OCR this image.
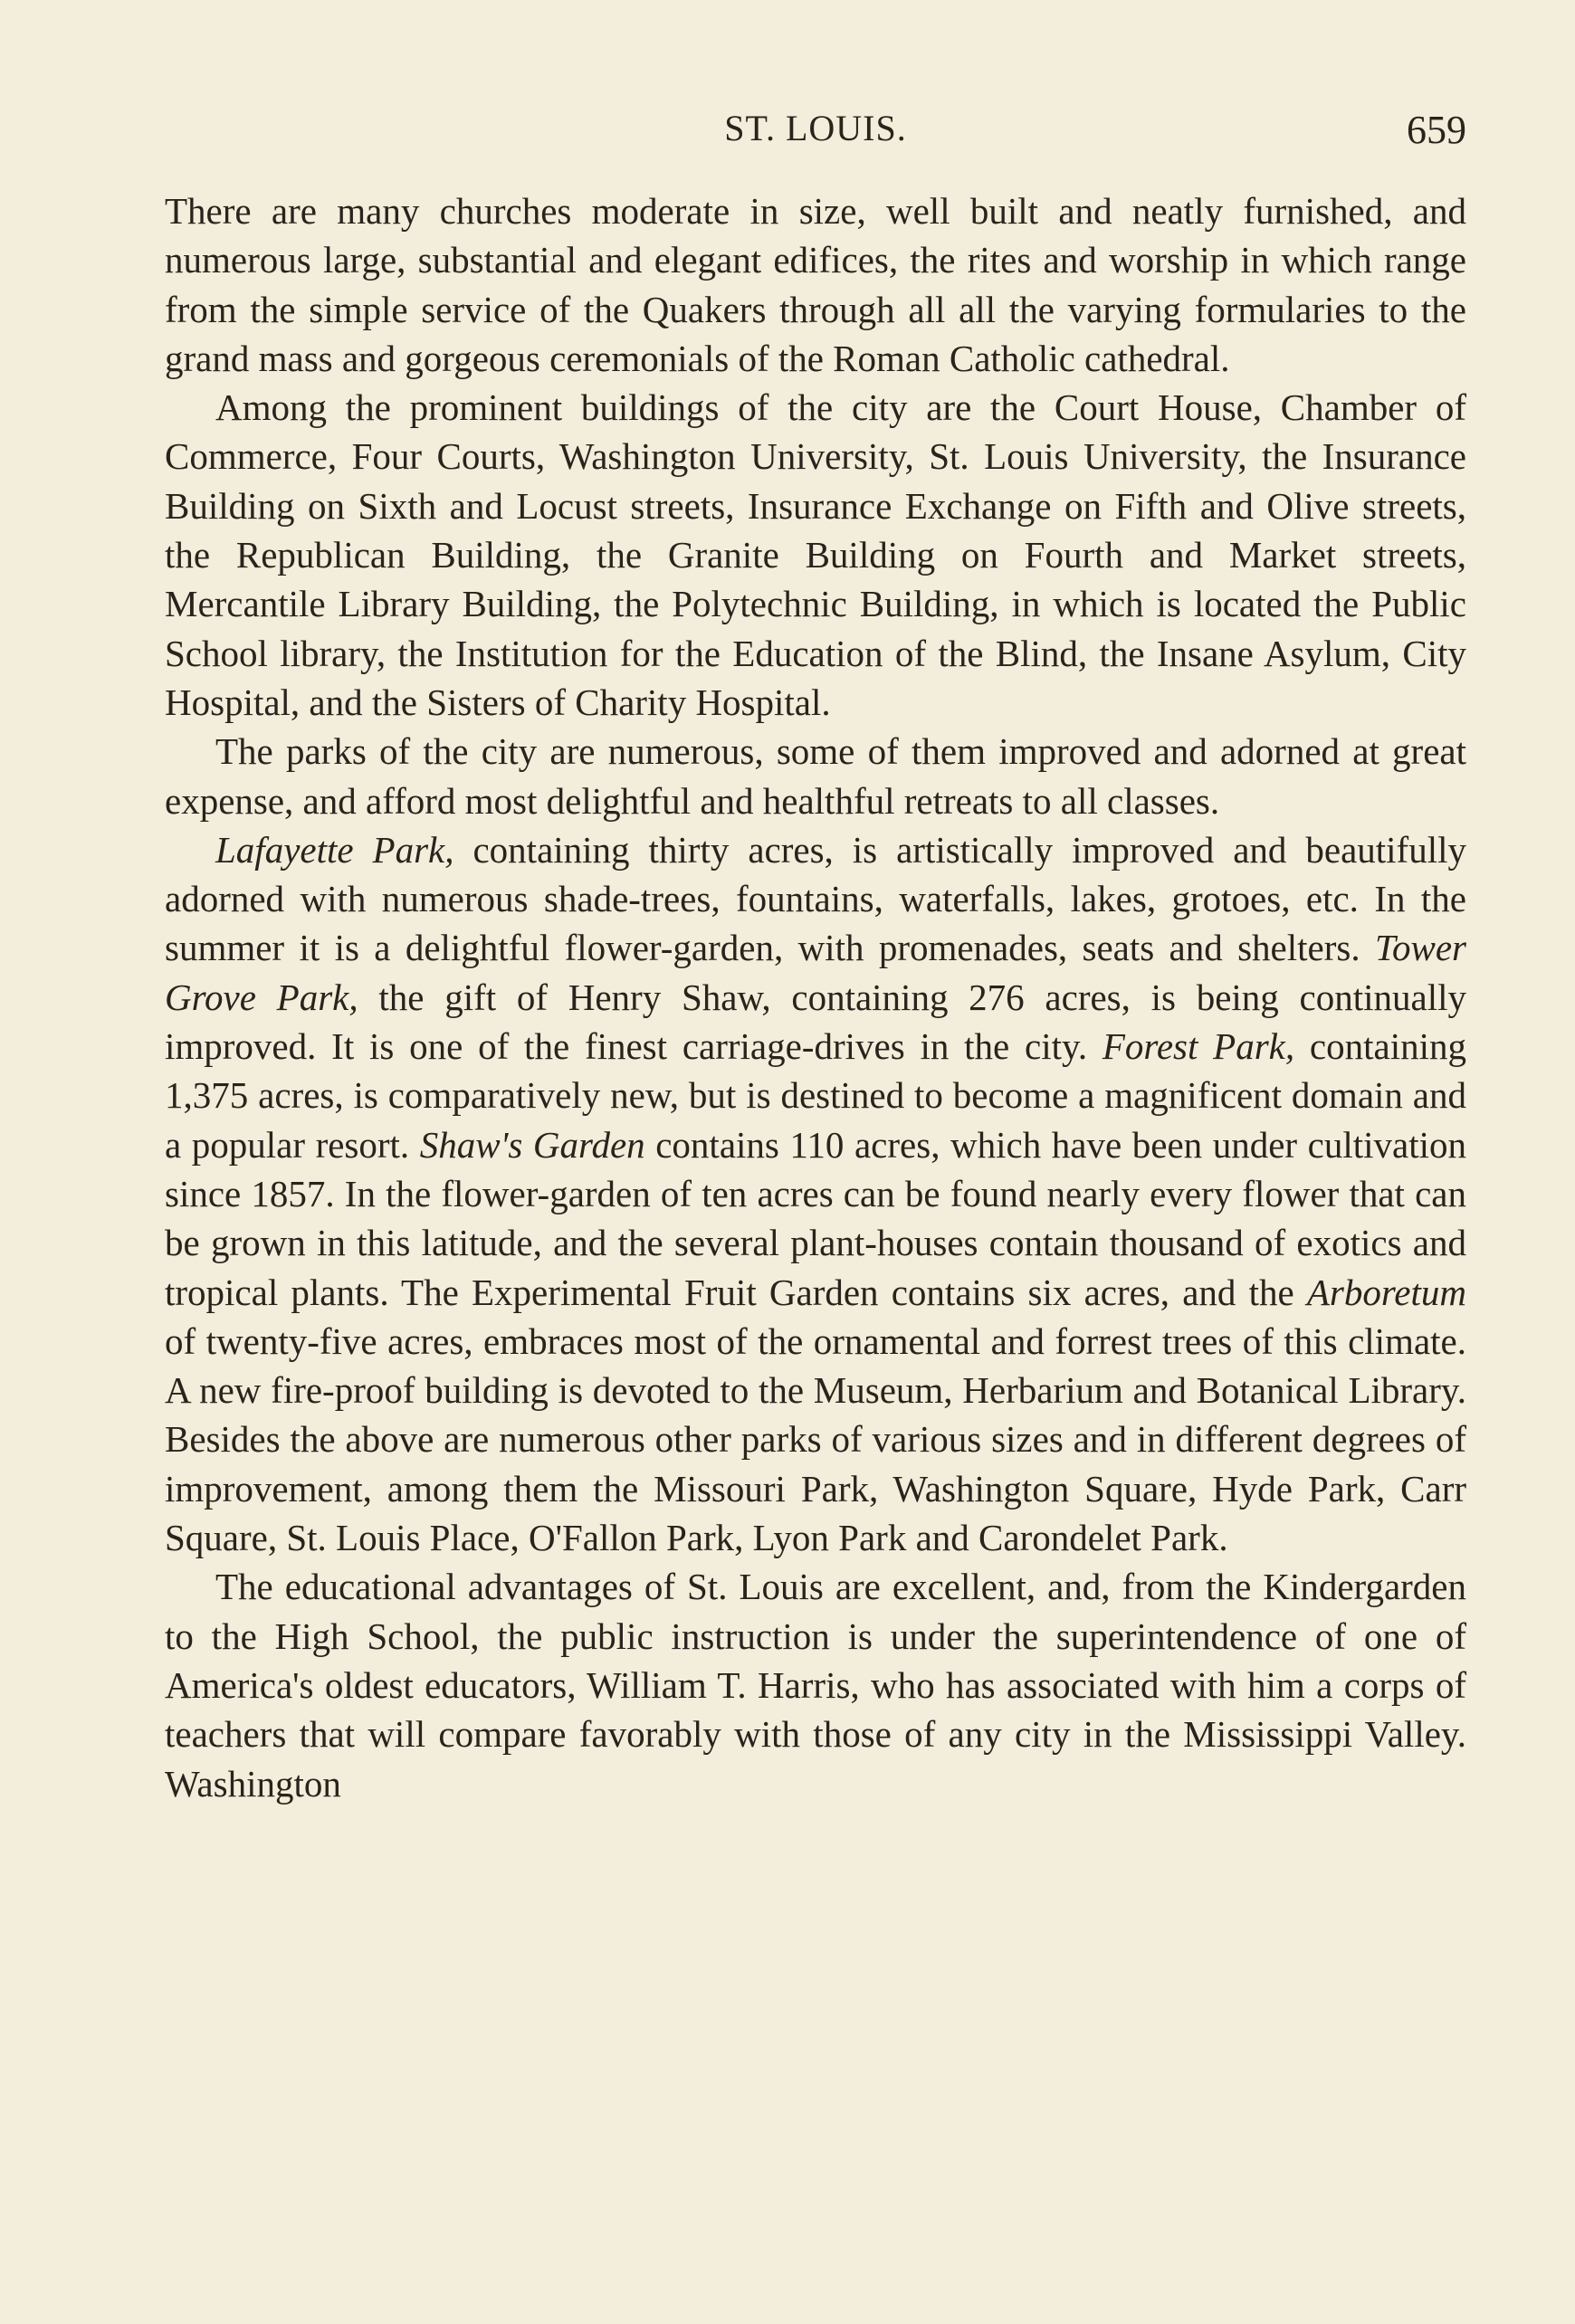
ST. LOUIS.	659

There are many churches moderate in size, well built and neatly furnished, and numerous large, substantial and elegant edifices, the rites and worship in which range from the simple service of the Quakers through all all the varying formularies to the grand mass and gorgeous ceremonials of the Roman Catholic cathedral.

Among the prominent buildings of the city are the Court House, Chamber of Commerce, Four Courts, Washington University, St. Louis University, the Insurance Building on Sixth and Locust streets, Insurance Exchange on Fifth and Olive streets, the Republican Building, the Granite Building on Fourth and Market streets, Mercantile Library Building, the Polytechnic Building, in which is located the Public School library, the Institution for the Education of the Blind, the Insane Asylum, City Hospital, and the Sisters of Charity Hospital.

The parks of the city are numerous, some of them improved and adorned at great expense, and afford most delightful and healthful retreats to all classes.

Lafayette Park, containing thirty acres, is artistically improved and beautifully adorned with numerous shade-trees, fountains, waterfalls, lakes, grotoes, etc. In the summer it is a delightful flower-garden, with promenades, seats and shelters. Tower Grove Park, the gift of Henry Shaw, containing 276 acres, is being continually improved. It is one of the finest carriage-drives in the city. Forest Park, containing 1,375 acres, is comparatively new, but is destined to become a magnificent domain and a popular resort. Shaw's Garden contains 110 acres, which have been under cultivation since 1857. In the flower-garden of ten acres can be found nearly every flower that can be grown in this latitude, and the several plant-houses contain thousand of exotics and tropical plants. The Experimental Fruit Garden contains six acres, and the Arboretum of twenty-five acres, embraces most of the ornamental and forrest trees of this climate. A new fire-proof building is devoted to the Museum, Herbarium and Botanical Library. Besides the above are numerous other parks of various sizes and in different degrees of improvement, among them the Missouri Park, Washington Square, Hyde Park, Carr Square, St. Louis Place, O'Fallon Park, Lyon Park and Carondelet Park.

The educational advantages of St. Louis are excellent, and, from the Kindergarden to the High School, the public instruction is under the superintendence of one of America's oldest educators, William T. Harris, who has associated with him a corps of teachers that will compare favorably with those of any city in the Mississippi Valley. Washington
